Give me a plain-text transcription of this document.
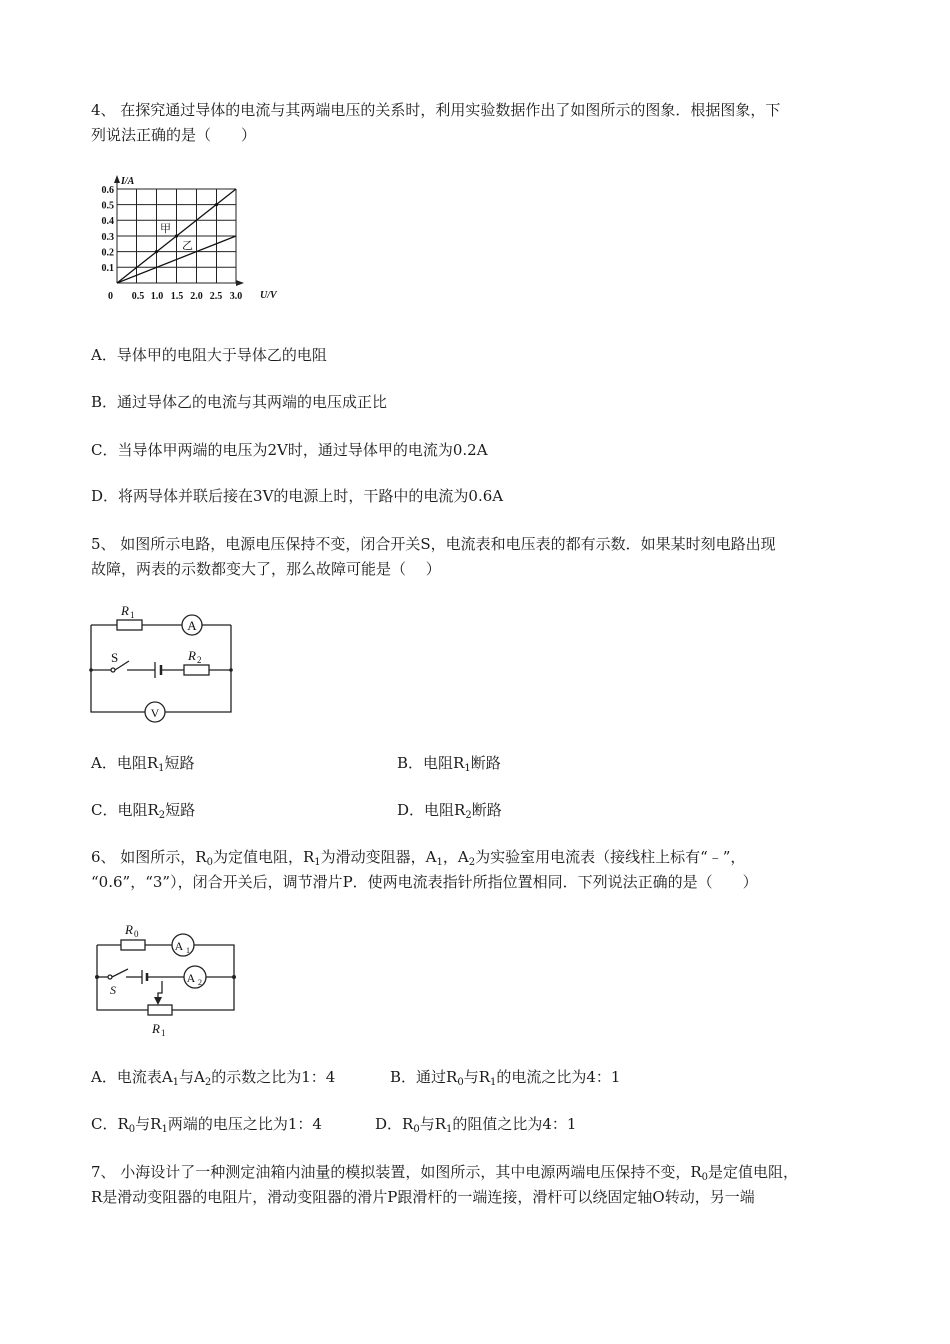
4、 在探究通过导体的电流与其两端电压的关系时，利用实验数据作出了如图所示的图象．根据图象，下
列说法正确的是（　　）
I/A
U/V
0
0.6
0.5
0.4
0.3
0.2
0.1
0.5 1.0 1.5 2.0 2.5 3.0
甲
乙
A．导体甲的电阻大于导体乙的电阻
B．通过导体乙的电流与其两端的电压成正比
C．当导体甲两端的电压为2V时，通过导体甲的电流为0.2A
D．将两导体并联后接在3V的电源上时，干路中的电流为0.6A
5、 如图所示电路，电源电压保持不变，闭合开关S，电流表和电压表的都有示数．如果某时刻电路出现
故障，两表的示数都变大了，那么故障可能是（　 ）
R 1
A
S	R 2
V
A．电阻$R_1$短路	B．电阻$R_1$断路
C．电阻$R_2$短路	D．电阻$R_2$断路
6、 如图所示，$R_0$为定值电阻，$R_1$为滑动变阻器，$A_1$，$A_2$为实验室用电流表（接线柱上标有“﹣”，
“0.6”，“3”），闭合开关后，调节滑片P．使两电流表指针所指位置相同．下列说法正确的是（　　）
R 0
A 1
S
A 2
R 1
A．电流表$A_1$与$A_2$的示数之比为1：4	B．通过$R_0$与$R_1$的电流之比为4：1
C．$R_0$与$R_1$两端的电压之比为1：4	D．$R_0$与$R_1$的阻值之比为4：1
7、 小海设计了一种测定油箱内油量的模拟装置，如图所示，其中电源两端电压保持不变，$R_0$是定值电阻，
R是滑动变阻器的电阻片，滑动变阻器的滑片P跟滑杆的一端连接，滑杆可以绕固定轴O转动，另一端
